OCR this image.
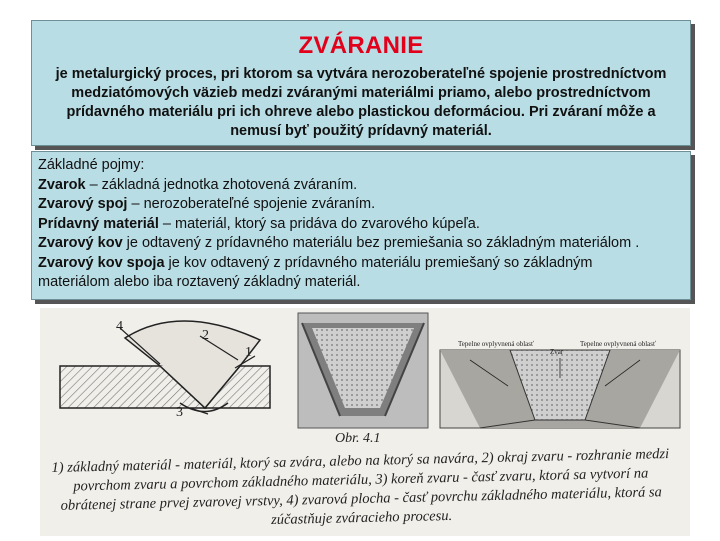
ZVÁRANIE
je metalurgický proces, pri ktorom sa vytvára nerozoberateľné spojenie prostredníctvom medziatómových väzieb medzi zváranými materiálmi priamo, alebo prostredníctvom prídavného materiálu pri ich ohreve alebo plastickou deformáciou. Pri zváraní môže a nemusí byť použitý prídavný materiál.
Základné pojmy:
Zvarok – základná jednotka zhotovená zváraním.
Zvarový spoj – nerozoberateľné spojenie zváraním.
Prídavný materiál – materiál, ktorý sa pridáva do zvarového kúpeľa.
Zvarový kov je odtavený z prídavného materiálu bez premiešania so základným materiálom .
Zvarový kov spoja je kov odtavený z prídavného materiálu premiešaný so základným
materiálom alebo iba roztavený základný materiál.
4
2
1
3
Tepelne ovplyvnená oblasť
Zvar
Tepelne ovplyvnená oblasť
Obr. 4.1
1) základný materiál - materiál, ktorý sa zvára, alebo na ktorý sa navára, 2) okraj zvaru - rozhranie medzi povrchom zvaru a povrchom základného materiálu, 3) koreň zvaru - časť zvaru, ktorá sa vytvorí na obrátenej strane prvej zvarovej vrstvy, 4) zvarová plocha - časť povrchu základného materiálu, ktorá sa zúčastňuje zváracieho procesu.
